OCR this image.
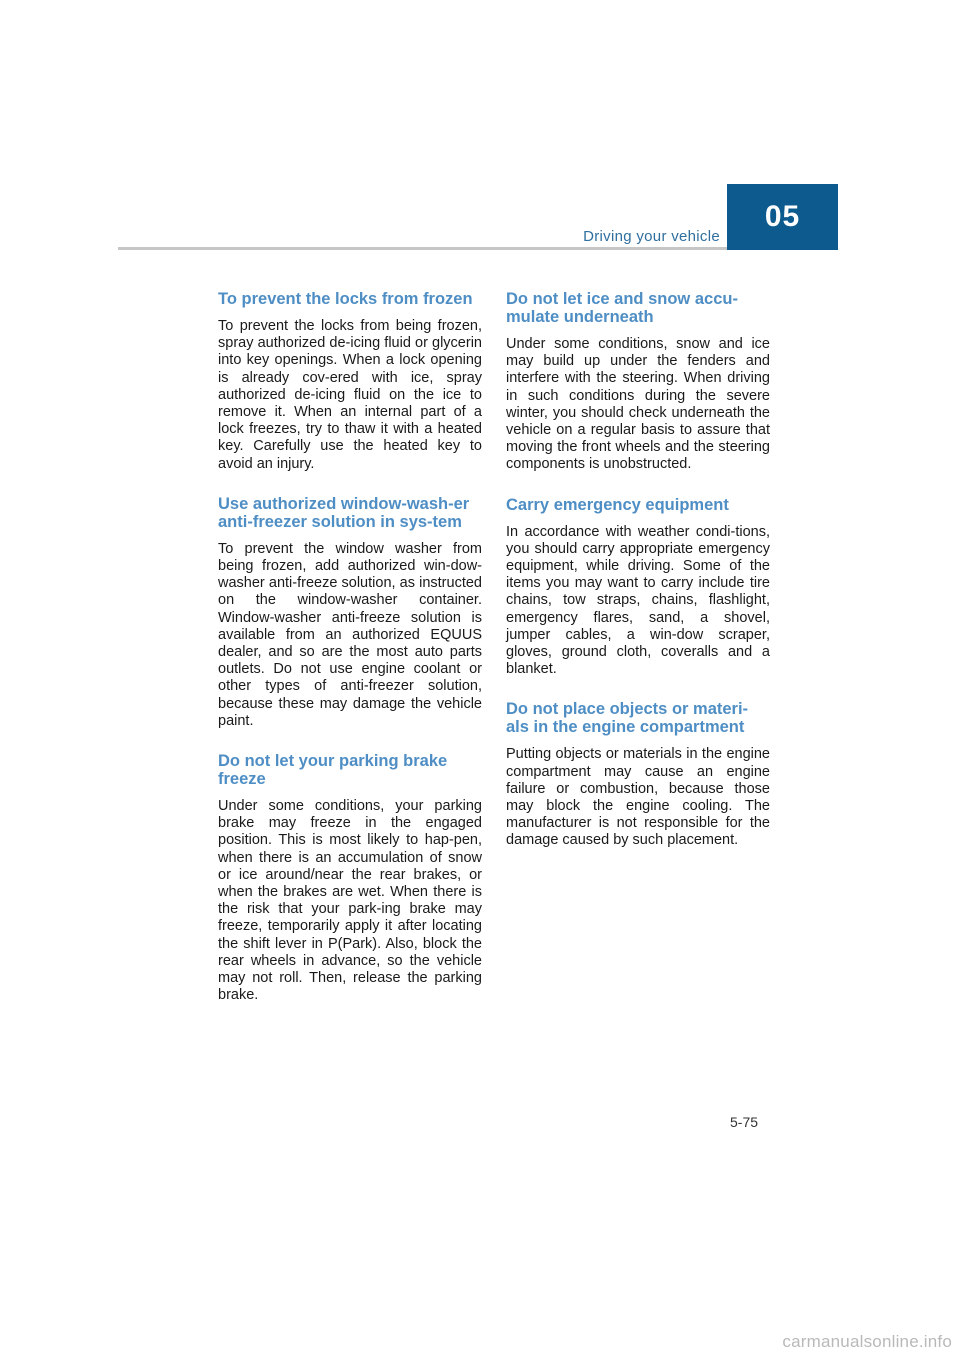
Driving your vehicle
05
To prevent the locks from frozen

To prevent the locks from being frozen, spray authorized de-icing fluid or glycerin into key openings. When a lock opening is already cov-ered with ice, spray authorized de-icing fluid on the ice to remove it. When an internal part of a lock freezes, try to thaw it with a heated key. Carefully use the heated key to avoid an injury.

Use authorized window-wash-er anti-freezer solution in sys-tem

To prevent the window washer from being frozen, add authorized win-dow-washer anti-freeze solution, as instructed on the window-washer container. Window-washer anti-freeze solution is available from an authorized EQUUS dealer, and so are the most auto parts outlets. Do not use engine coolant or other types of anti-freezer solution, because these may damage the vehicle paint.

Do not let your parking brake freeze

Under some conditions, your parking brake may freeze in the engaged position. This is most likely to hap-pen, when there is an accumulation of snow or ice around/near the rear brakes, or when the brakes are wet. When there is the risk that your park-ing brake may freeze, temporarily apply it after locating the shift lever in P(Park). Also, block the rear wheels in advance, so the vehicle may not roll. Then, release the parking brake.

Do not let ice and snow accu-mulate underneath

Under some conditions, snow and ice may build up under the fenders and interfere with the steering. When driving in such conditions during the severe winter, you should check underneath the vehicle on a regular basis to assure that moving the front wheels and the steering components is unobstructed.

Carry emergency equipment

In accordance with weather condi-tions, you should carry appropriate emergency equipment, while driving. Some of the items you may want to carry include tire chains, tow straps, chains, flashlight, emergency flares, sand, a shovel, jumper cables, a win-dow scraper, gloves, ground cloth, coveralls and a blanket.

Do not place objects or materi-als in the engine compartment

Putting objects or materials in the engine compartment may cause an engine failure or combustion, because those may block the engine cooling. The manufacturer is not responsible for the damage caused by such placement.

5-75
carmanualsonline.info
